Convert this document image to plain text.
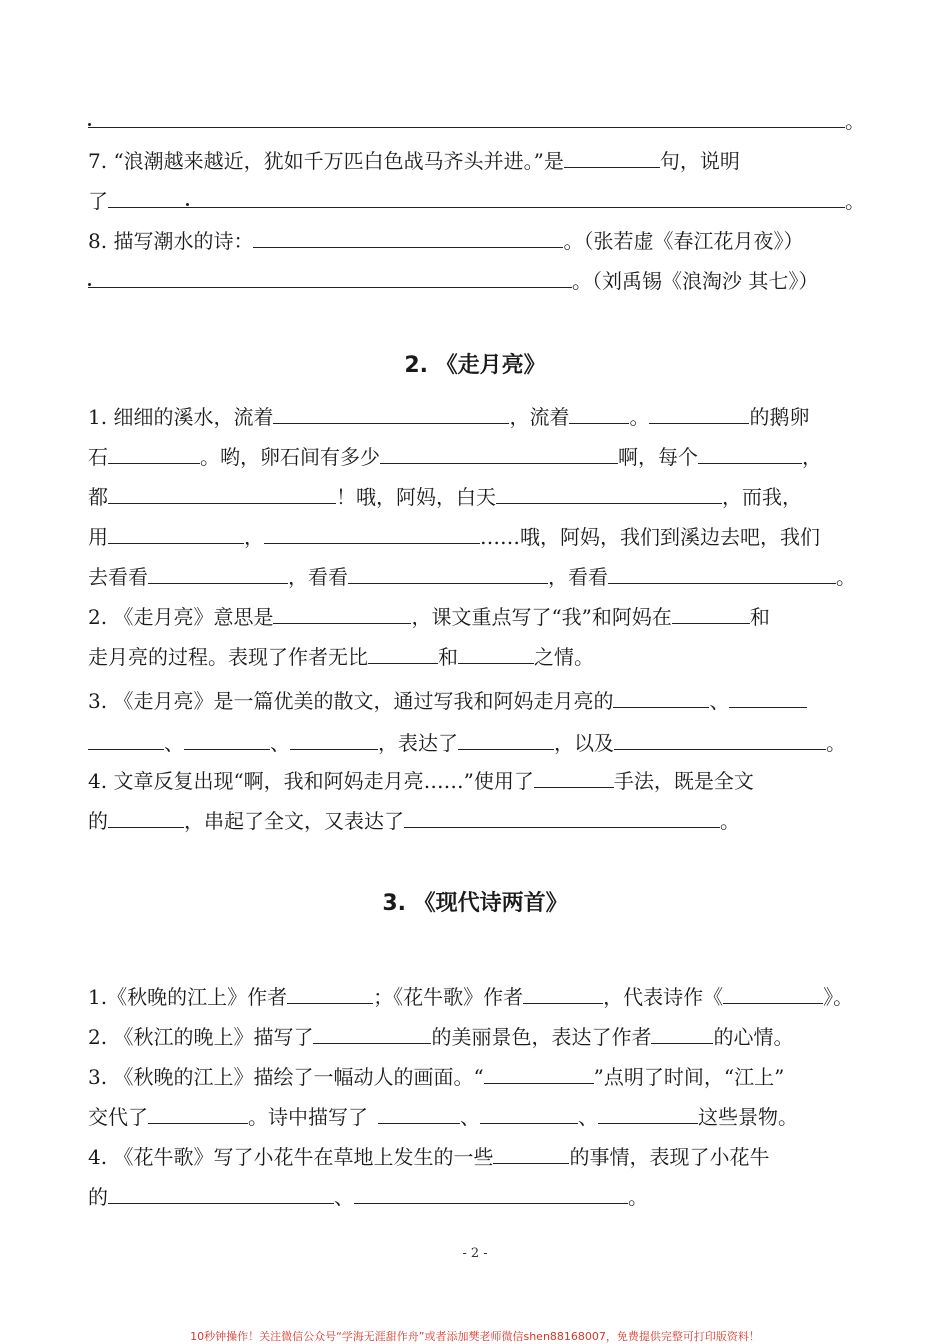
。
7. “浪潮越来越近，犹如千万匹白色战马齐头并进。”是	句，说明
了	。
8. 描写潮水的诗：	。（张若虚《春江花月夜》）
。（刘禹锡《浪淘沙 其七》）
2. 《走月亮》
1. 细细的溪水，流着	，流着	。	的鹅卵
石	。哟，卵石间有多少	啊，每个	，
都	！哦，阿妈，白天	，而我，
用	，	……哦，阿妈，我们到溪边去吧，我们
去看看	，看看	，看看	。
2. 《走月亮》意思是	，课文重点写了“我”和阿妈在	和
走月亮的过程。表现了作者无比	和	之情。
3. 《走月亮》是一篇优美的散文，通过写我和阿妈走月亮的	、
、	、	，表达了	，以及	。
4. 文章反复出现“啊，我和阿妈走月亮……”使用了	手法，既是全文
的	，串起了全文，又表达了	。
3. 《现代诗两首》
1.《秋晚的江上》作者	；《花牛歌》作者	，代表诗作《	》。
2. 《秋江的晚上》描写了	的美丽景色，表达了作者	的心情。
3. 《秋晚的江上》描绘了一幅动人的画面。“	”点明了时间，“江上”
交代了	。诗中描写了	、	、	这些景物。
4. 《花牛歌》写了小花牛在草地上发生的一些	的事情，表现了小花牛
的	、	。
- 2 -
10秒钟操作！关注微信公众号“学海无涯甜作舟”或者添加樊老师微信shen88168007，免费提供完整可打印版资料！
